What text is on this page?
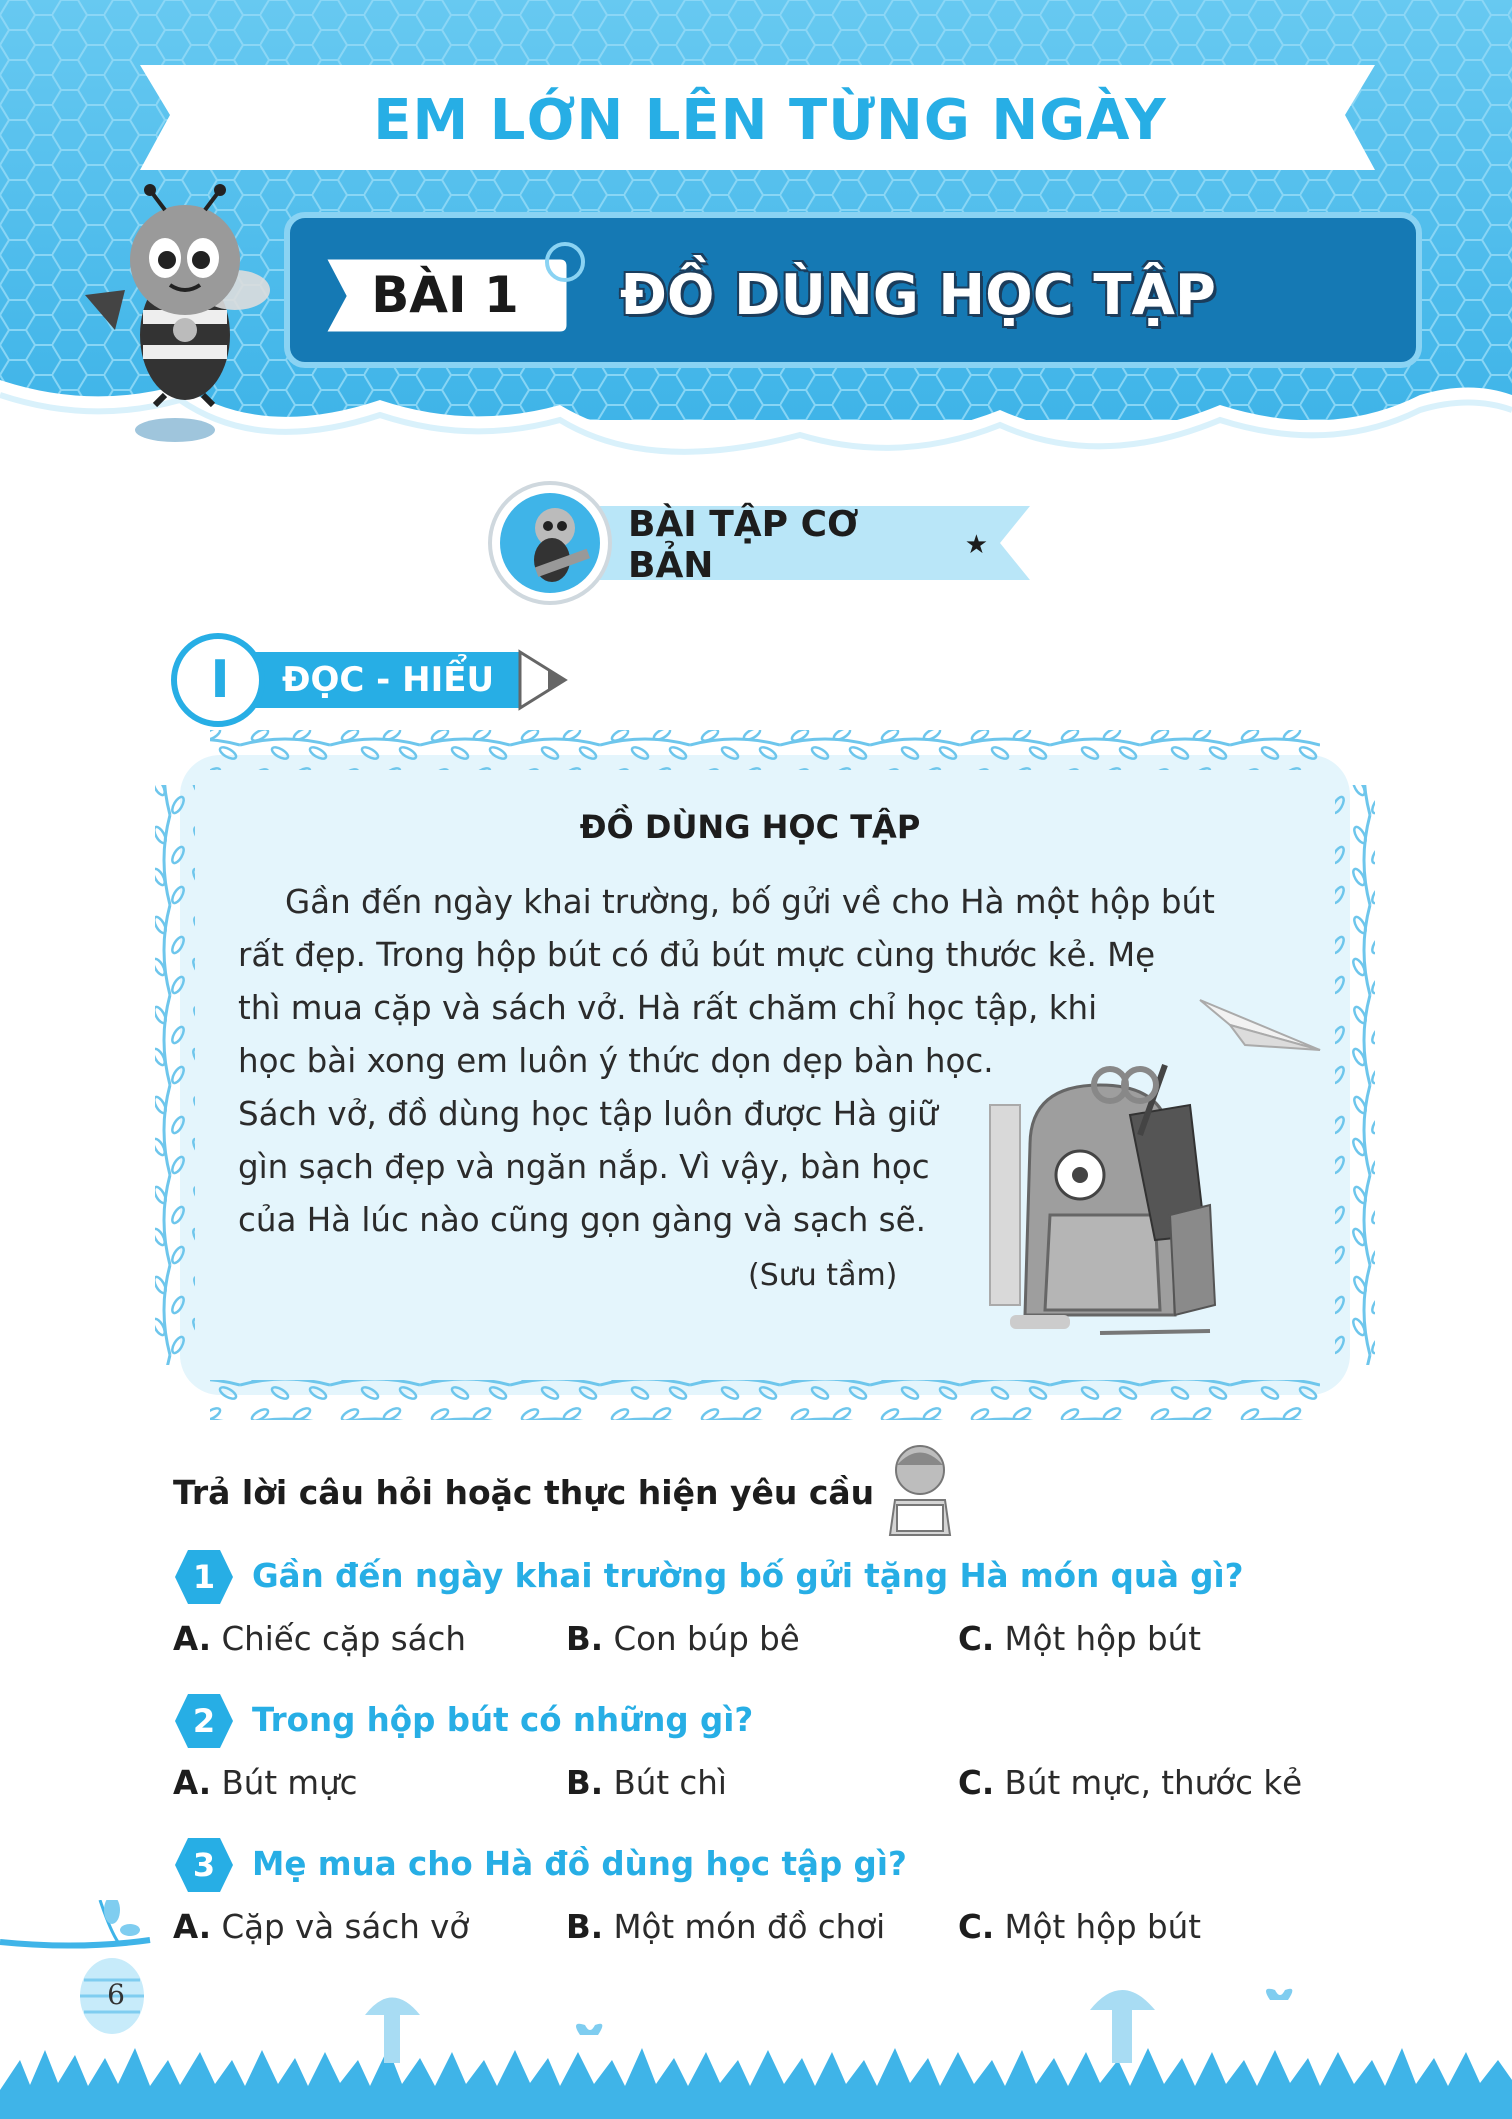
EM LỚN LÊN TỪNG NGÀY
BÀI 1	ĐỒ DÙNG HỌC TẬP
BÀI TẬP CƠ BẢN	★
I	ĐỌC - HIỂU
ĐỒ DÙNG HỌC TẬP
Gần đến ngày khai trường, bố gửi về cho Hà một hộp bút
rất đẹp. Trong hộp bút có đủ bút mực cùng thước kẻ. Mẹ
thì mua cặp và sách vở. Hà rất chăm chỉ học tập, khi
học bài xong em luôn ý thức dọn dẹp bàn học.
Sách vở, đồ dùng học tập luôn được Hà giữ
gìn sạch đẹp và ngăn nắp. Vì vậy, bàn học
của Hà lúc nào cũng gọn gàng và sạch sẽ.
(Sưu tầm)
Trả lời câu hỏi hoặc thực hiện yêu cầu
1	Gần đến ngày khai trường bố gửi tặng Hà món quà gì?
A. Chiếc cặp sách	B. Con búp bê	C. Một hộp bút
2	Trong hộp bút có những gì?
A. Bút mực	B. Bút chì	C. Bút mực, thước kẻ
3	Mẹ mua cho Hà đồ dùng học tập gì?
A. Cặp và sách vở	B. Một món đồ chơi C. Một hộp bút
6
